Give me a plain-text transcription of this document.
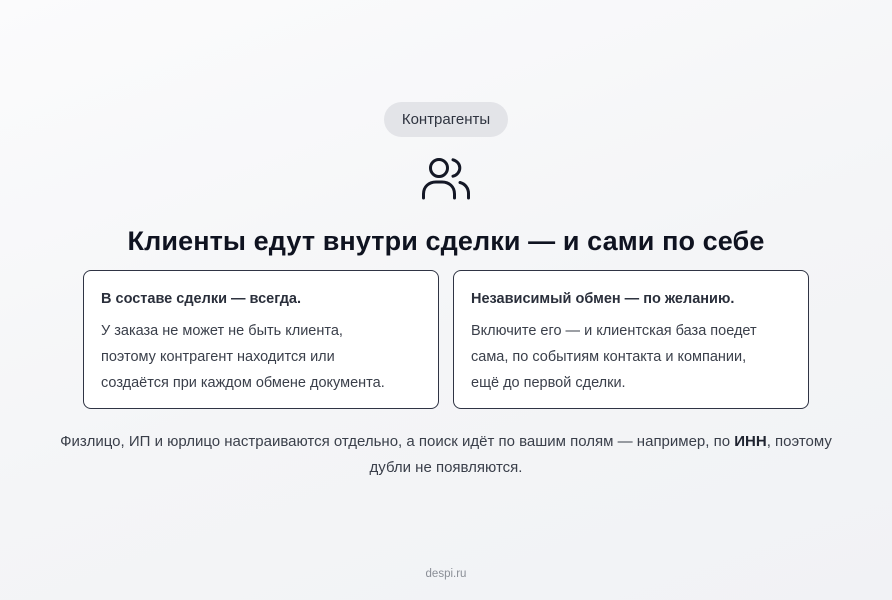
Контрагенты
Клиенты едут внутри сделки — и сами по себе

В составе сделки — всегда.

У заказа не может не быть клиента,
поэтому контрагент находится или
создаётся при каждом обмене документа.

Независимый обмен — по желанию.

Включите его — и клиентская база поедет
сама, по событиям контакта и компании,
ещё до первой сделки.

Физлицо, ИП и юрлицо настраиваются отдельно, а поиск идёт по вашим полям — например, по ИНН, поэтому дубли не появляются.
despi.ru
